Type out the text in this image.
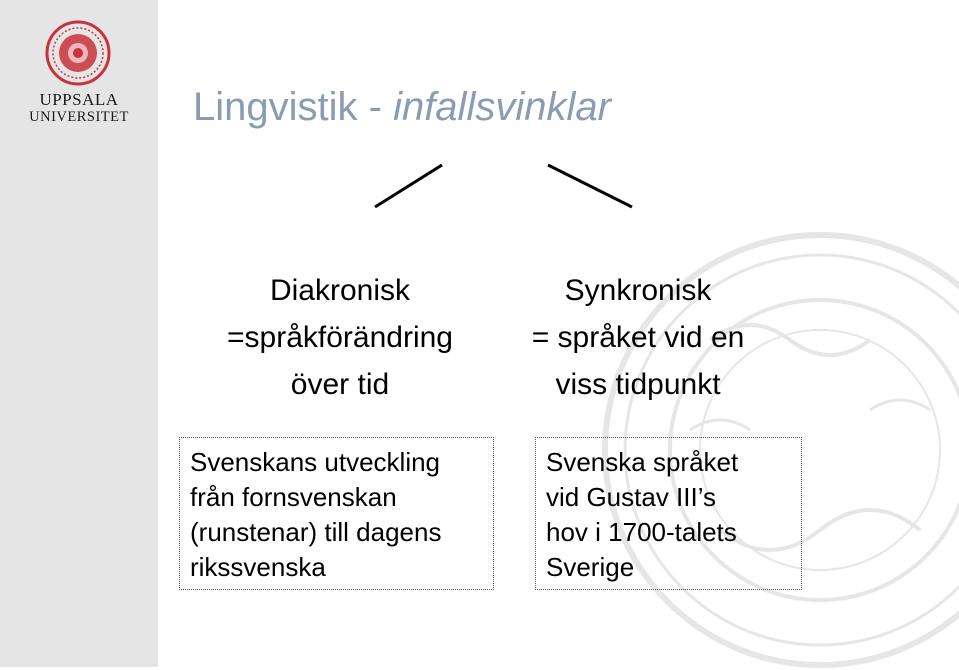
UPPSALA
UNIVERSITET	Lingvistik - infallsvinklar
Diakronisk
=språkförändring
över tid
Synkronisk
= språket vid en
viss tidpunkt
Svenskans utveckling
från fornsvenskan
(runstenar) till dagens
rikssvenska
Svenska språket
vid Gustav III’s
hov i 1700-talets
Sverige
